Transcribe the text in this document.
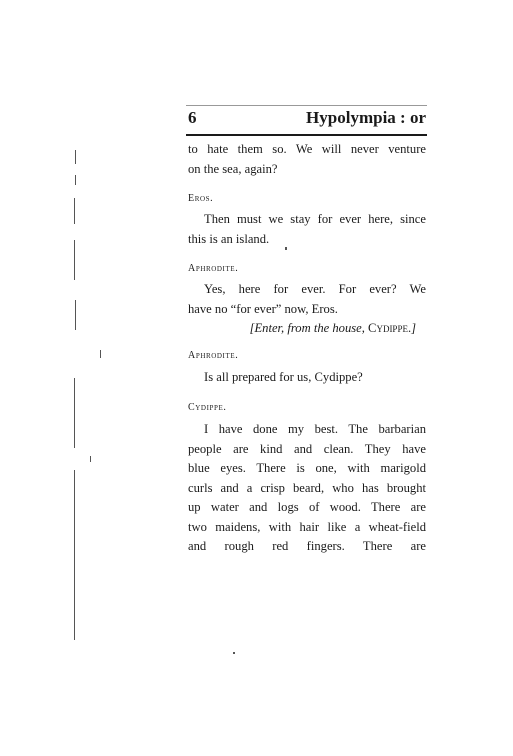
6	Hypolympia : or
to hate them so. We will never venture
on the sea, again?
Eros.
Then must we stay for ever here, since
this is an island.
Aphrodite.
Yes, here for ever. For ever? We
have no “for ever” now, Eros.
[Enter, from the house, Cydippe.]
Aphrodite.
Is all prepared for us, Cydippe?
Cydippe.
I have done my best. The barbarian
people are kind and clean. They have
blue eyes. There is one, with marigold
curls and a crisp beard, who has brought
up water and logs of wood. There are
two maidens, with hair like a wheat-field
and rough red fingers. There are
